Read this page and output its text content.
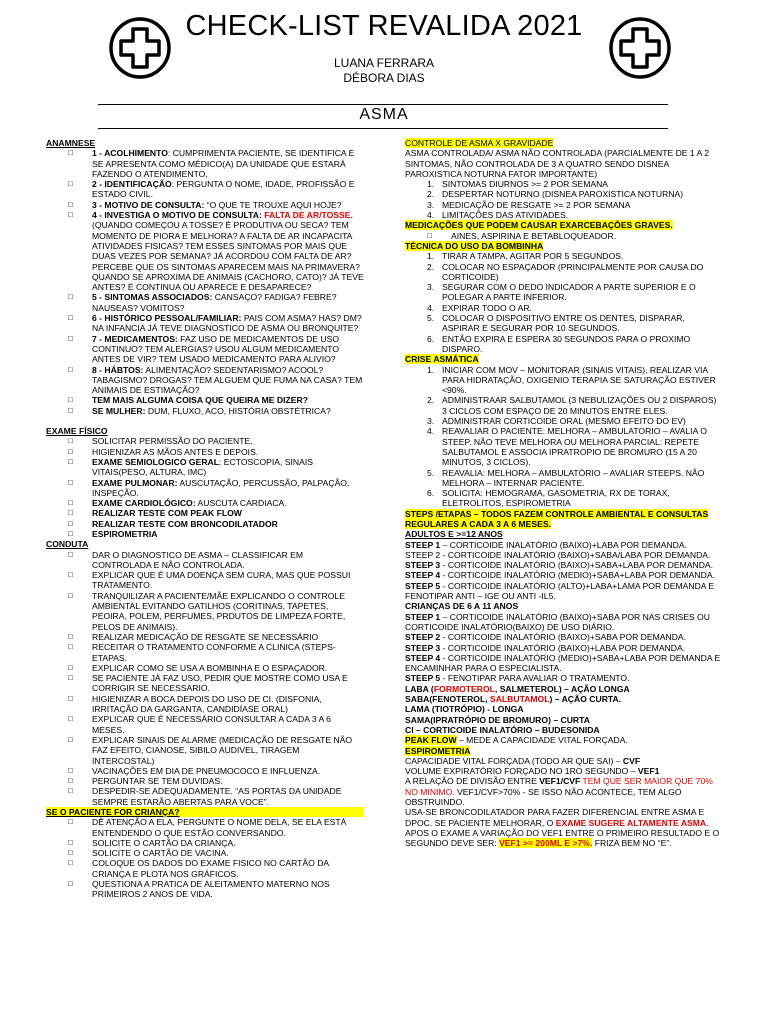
CHECK-LIST REVALIDA 2021
LUANA FERRARA
DÉBORA DIAS
ASMA

ANAMNESE

□ 1 - ACOLHIMENTO: CUMPRIMENTA PACIENTE, SE IDENTIFICA E SE APRESENTA COMO MÉDICO(A) DA UNIDADE QUE ESTARÁ FAZENDO O ATENDIMENTO.
□ 2 - IDENTIFICAÇÃO: PERGUNTA O NOME, IDADE, PROFISSÃO E ESTADO CIVIL.
□ 3 - MOTIVO DE CONSULTA: “O QUE TE TROUXE AQUI HOJE?
□ 4 - INVESTIGA O MOTIVO DE CONSULTA: FALTA DE AR/TOSSE. (QUANDO COMEÇOU A TOSSE? É PRODUTIVA OU SECA? TEM MOMENTO DE PIORA E MELHORA? A FALTA DE AR INCAPACITA ATIVIDADES FISICAS? TEM ESSES SINTOMAS POR MAIS QUE DUAS VEZES POR SEMANA? JÁ ACORDOU COM FALTA DE AR? PERCEBE QUE OS SINTOMAS APARECEM MAIS NA PRIMAVERA? QUANDO SE APROXIMA DE ANIMAIS (CACHORO, CATO)? JÁ TEVE ANTES? É CONTINUA OU APARECE E DESAPARECE?
□ 5 - SINTOMAS ASSOCIADOS: CANSAÇO? FADIGA? FEBRE? NAUSEAS? VOMITOS?
□ 6 - HISTÓRICO PESSOAL/FAMILIAR: PAIS COM ASMA? HAS? DM? NA INFANCIA JÁ TEVE DIAGNOSTICO DE ASMA OU BRONQUITE?
□ 7 - MEDICAMENTOS: FAZ USO DE MEDICAMENTOS DE USO CONTINUO? TEM ALERGIAS? USOU ALGUM MEDICAMENTO ANTES DE VIR? TEM USADO MEDICAMENTO PARA ALIVIO?
□ 8 - HÁBTOS: ALIMENTAÇÃO? SEDENTARISMO? ACOOL? TABAGISMO? DROGAS? TEM ALGUEM QUE FUMA NA CASA? TEM ANIMAIS DE ESTIMAÇÃO?
□ TEM MAIS ALGUMA COISA QUE QUEIRA ME DIZER?
□ SE MULHER: DUM, FLUXO, ACO, HISTÓRIA OBSTÉTRICA?

EXAME FÍSICO

□ SOLICITAR PERMISSÃO DO PACIENTE.
□ HIGIENIZAR AS MÃOS ANTES E DEPOIS.
□ EXAME SEMIOLOGICO GERAL: ECTOSCOPIA, SINAIS VITAIS(PESO, ALTURA, IMC)
□ EXAME PULMONAR: AUSCUTAÇÃO, PERCUSSÃO, PALPAÇÃO, INSPEÇÃO.
□ EXAME CARDIOLÓGICO: AUSCUTA CARDIACA.
□ REALIZAR TESTE COM PEAK FLOW
□ REALIZAR TESTE COM BRONCODILATADOR
□ ESPIROMETRIA

CONDUTA

□ DAR O DIAGNOSTICO DE ASMA – CLASSIFICAR EM CONTROLADA E NÃO CONTROLADA.
□ EXPLICAR QUE É UMA DOENÇA SEM CURA, MAS QUE POSSUI TRATAMENTO.
□ TRANQUILIZAR A PACIENTE/MÃE EXPLICANDO O CONTROLE AMBIENTAL EVITANDO GATILHOS (CORITINAS, TAPETES, PEOIRA, POLEM, PERFUMES, PRDUTOS DE LIMPEZA FORTE, PELOS DE ANIMAIS).
□ REALIZAR MEDICAÇÃO DE RESGATE SE NECESSÁRIO
□ RECEITAR O TRATAMENTO CONFORME A CLINICA (STEPS-ETAPAS.
□ EXPLICAR COMO SE USA A BOMBINHA E O ESPAÇADOR.
□ SE PACIENTE JÁ FAZ USO, PEDIR QUE MOSTRE COMO USA E CORRIGIR SE NECESSARIO.
□ HIGIENIZAR A BOCA DEPOIS DO USO DE CI. (DISFONIA, IRRITAÇÃO DA GARGANTA, CANDIDÍASE ORAL)
□ EXPLICAR QUE É NECESSÁRIO CONSULTAR A CADA 3 A 6 MESES.
□ EXPLICAR SINAIS DE ALARME (MEDICAÇÃO DE RESGATE NÃO FAZ EFEITO, CIANOSE, SIBILO AUDIVEL, TIRAGEM INTERCOSTAL)
□ VACINAÇÕES EM DIA DE PNEUMOCOCO E INFLUENZA.
□ PERGUNTAR SE TEM DUVIDAS.
□ DESPEDIR-SE ADEQUADAMENTE. “AS PORTAS DA UNIDADE SEMPRE ESTARÃO ABERTAS PARA VOCE”.

SE O PACIENTE FOR CRIANÇA?

□ DÊ ATENÇÃO A ELA, PERGUNTE O NOME DELA, SE ELA ESTÁ ENTENDENDO O QUE ESTÃO CONVERSANDO.
□ SOLICITE O CARTÃO DA CRIANÇA.
□ SOLICITE O CARTÃO DE VACINA.
□ COLOQUE OS DADOS DO EXAME FISICO NO CARTÃO DA CRIANÇA E PLOTA NOS GRÁFICOS.
□ QUESTIONA A PRATICA DE ALEITAMENTO MATERNO NOS PRIMEIROS 2 ANOS DE VIDA.

CONTROLE DE ASMA X GRAVIDADE

ASMA CONTROLADA/ ASMA NÃO CONTROLADA (PARCIALMENTE DE 1 A 2 SINTOMAS, NÃO CONTROLADA DE 3 A QUATRO SENDO DISNEA PAROXISTICA NOTURNA FATOR IMPORTANTE)

1. SINTOMAS DIURNOS >= 2 POR SEMANA
2. DESPERTAR NOTURNO (DISNEA PAROXISTICA NOTURNA)
3. MEDICAÇÃO DE RESGATE >= 2 POR SEMANA
4. LIMITAÇÕES DAS ATIVIDADES.

MEDICAÇÕES QUE PODEM CAUSAR EXARCEBAÇÕES GRAVES.

□ AINES, ASPIRINA E BETABLOQUEADOR.

TÉCNICA DO USO DA BOMBINHA

1. TIRAR A TAMPA, AGITAR POR 5 SEGUNDOS.
2. COLOCAR NO ESPAÇADOR (PRINCIPALMENTE POR CAUSA DO CORTICOIDE)
3. SEGURAR COM O DEDO INDICADOR A PARTE SUPERIOR E O POLEGAR A PARTE INFERIOR.
4. EXPIRAR TODO O AR.
5. COLOCAR O DISPOSITIVO ENTRE OS DENTES, DISPARAR, ASPIRAR E SEGURAR POR 10 SEGUNDOS.
6. ENTÃO EXPIRA E ESPERA 30 SEGUNDOS PARA O PROXIMO DISPARO.

CRISE ASMÁTICA

1. INICIAR COM MOV – MONITORAR (SINAIS VITAIS), REALIZAR VIA PARA HIDRATAÇÃO, OXIGENIO TERAPIA SE SATURAÇÃO ESTIVER <90%.
2. ADMINISTRAAR SALBUTAMOL (3 NEBULIZAÇÕES OU 2 DISPAROS) 3 CICLOS COM ESPAÇO DE 20 MINUTOS ENTRE ELES.
3. ADMINISTRAR CORTICOIDE ORAL (MESMO EFEITO DO EV)
4. REAVALIAR O PACIENTE: MELHORA – AMBULATORIO – AVALIA O STEEP. NÃO TEVE MELHORA OU MELHORA PARCIAL: REPETE SALBUTAMOL E ASSOCIA IPRATROPIO DE BROMURO (15 A 20 MINUTOS, 3 CICLOS).
5. REAVALIA: MELHORA – AMBULATÓRIO – AVALIAR STEEPS. NÃO MELHORA – INTERNAR PACIENTE.
6. SOLICITA: HEMOGRAMA, GASOMETRIA, RX DE TORAX, ELETROLITOS, ESPIROMETRIA

STEPS /ETAPAS – TODOS FAZEM CONTROLE AMBIENTAL E CONSULTAS REGULARES A CADA 3 A 6 MESES.

ADULTOS E >=12 ANOS

STEEP 1 – CORTICOIDE INALATÓRIO (BAIXO)+LABA POR DEMANDA.

STEEP 2 - CORTICOIDE INALATÓRIO (BAIXO)+SABA/LABA POR DEMANDA.

STEEP 3 - CORTICOIDE INALATÓRIO (BAIXO)+SABA+LABA POR DEMANDA.

STEEP 4 - CORTICOIDE INALATÓRIO (MEDIO)+SABA+LABA POR DEMANDA.

STEEP 5 - CORTICOIDE INALATÓRIO (ALTO)+LABA+LAMA POR DEMANDA E FENOTIPAR ANTI – IGE OU ANTI -IL5.

CRIANÇAS DE 6 A 11 ANOS

STEEP 1 – CORTICOIDE INALATÓRIO (BAIXO)+SABA POR NAS CRISES OU CORTICOIDE INALATÓRIO(BAIXO) DE USO DIÁRIO.

STEEP 2 - CORTICOIDE INALATÓRIO (BAIXO)+SABA POR DEMANDA.

STEEP 3 - CORTICOIDE INALATÓRIO (BAIXO)+LABA POR DEMANDA.

STEEP 4 - CORTICOIDE INALATÓRIO (MEDIO)+SABA+LABA POR DEMANDA E ENCAMINHAR PARA O ESPECIALISTA.

STEEP 5 - FENOTIPAR PARA AVALIAR O TRATAMENTO.

LABA (FORMOTEROL, SALMETEROL) – AÇÃO LONGA

SABA(FENOTEROL, SALBUTAMOL) – AÇÃO CURTA.

LAMA (TIOTRÓPIO) - LONGA

SAMA(IPRATRÓPIO DE BROMURO) – CURTA

CI – CORTICOIDE INALATÓRIO – BUDESONIDA

PEAK FLOW – MEDE A CAPACIDADE VITAL FORÇADA.

ESPIROMETRIA

CAPACIDADE VITAL FORÇADA (TODO AR QUE SAI) – CVF

VOLUME EXPIRATÓRIO FORÇADO NO 1RO SEGUNDO – VEF1

A RELAÇÃO DE DIVISÃO ENTRE VEF1/CVF TEM QUE SER MAIOR QUE 70% NO MINIMO. VEF1/CVF>70% - SE ISSO NÃO ACONTECE, TEM ALGO OBSTRUINDO.

USA-SE BRONCODILATADOR PARA FAZER DIFERENCIAL ENTRE ASMA E DPOC. SE PACIENTE MELHORAR, O EXAME SUGERE ALTAMENTE ASMA. APOS O EXAME A VARIAÇÃO DO VEF1 ENTRE O PRIMEIRO RESULTADO E O SEGUNDO DEVE SER: VEF1 >= 200ML E >7%. FRIZA BEM NO “E”.
